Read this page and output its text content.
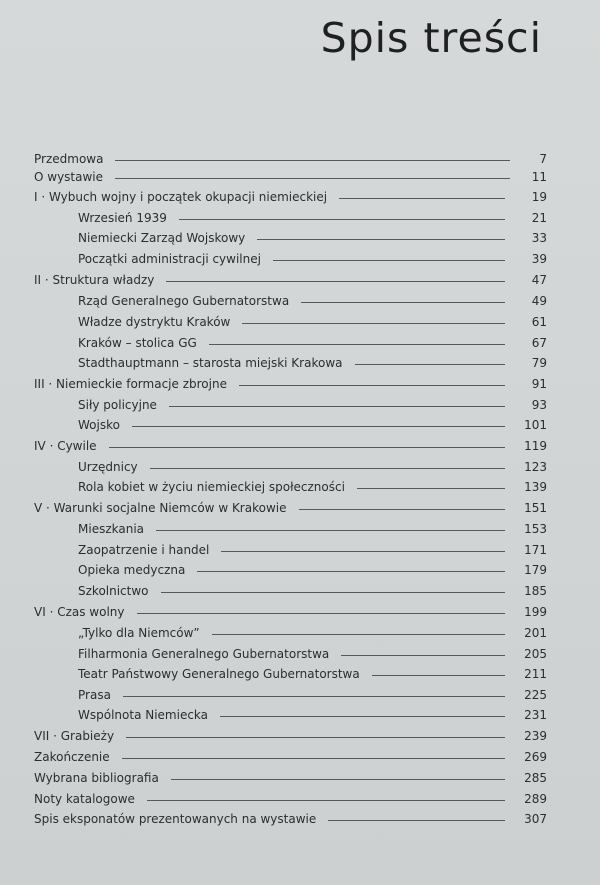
Spis treści
Przedmowa	7
O wystawie	11
I · Wybuch wojny i początek okupacji niemieckiej	19
Wrzesień 1939	21
Niemiecki Zarząd Wojskowy	33
Początki administracji cywilnej	39
II · Struktura władzy	47
Rząd Generalnego Gubernatorstwa	49
Władze dystryktu Kraków	61
Kraków – stolica GG	67
Stadthauptmann – starosta miejski Krakowa	79
III · Niemieckie formacje zbrojne	91
Siły policyjne	93
Wojsko	101
IV · Cywile	119
Urzędnicy	123
Rola kobiet w życiu niemieckiej społeczności	139
V · Warunki socjalne Niemców w Krakowie	151
Mieszkania	153
Zaopatrzenie i handel	171
Opieka medyczna	179
Szkolnictwo	185
VI · Czas wolny	199
„Tylko dla Niemców”	201
Filharmonia Generalnego Gubernatorstwa	205
Teatr Państwowy Generalnego Gubernatorstwa	211
Prasa	225
Wspólnota Niemiecka	231
VII · Grabieży	239
Zakończenie	269
Wybrana bibliografia	285
Noty katalogowe	289
Spis eksponatów prezentowanych na wystawie	307
